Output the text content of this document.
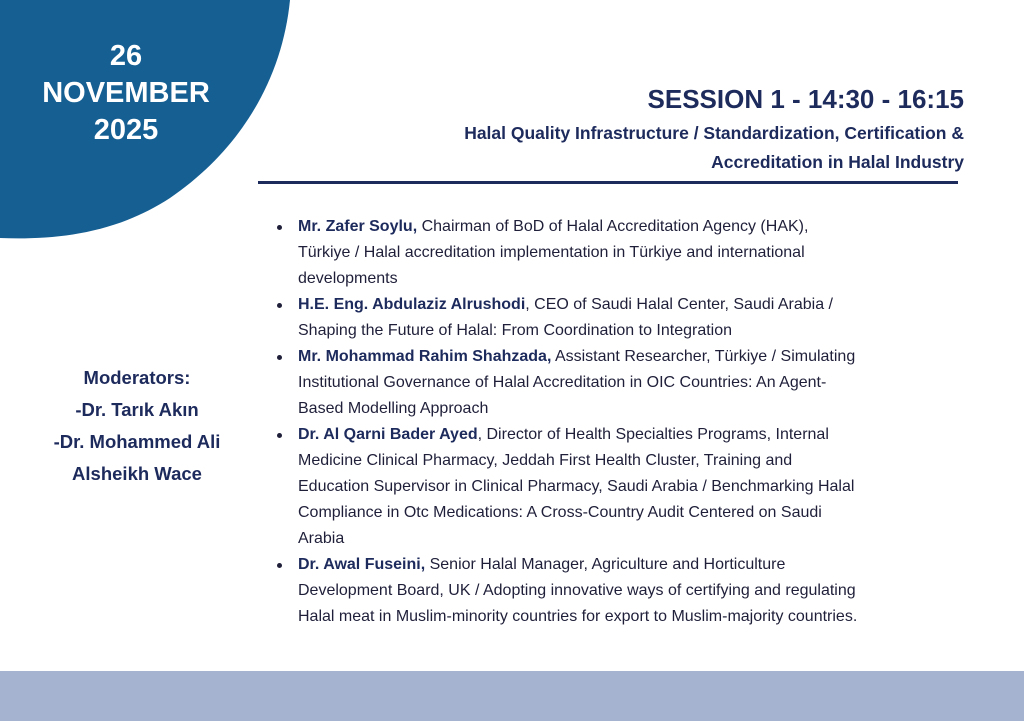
26
NOVEMBER
2025
SESSION 1 - 14:30 - 16:15
Halal Quality Infrastructure / Standardization, Certification &
Accreditation in Halal Industry
Moderators:
-Dr. Tarık Akın
-Dr. Mohammed Ali
Alsheikh Wace
Mr. Zafer Soylu, Chairman of BoD of Halal Accreditation Agency (HAK),
Türkiye / Halal accreditation implementation in Türkiye and international
developments
H.E. Eng. Abdulaziz Alrushodi, CEO of Saudi Halal Center, Saudi Arabia /
Shaping the Future of Halal: From Coordination to Integration
Mr. Mohammad Rahim Shahzada, Assistant Researcher, Türkiye / Simulating
Institutional Governance of Halal Accreditation in OIC Countries: An Agent-
Based Modelling Approach
Dr. Al Qarni Bader Ayed, Director of Health Specialties Programs, Internal
Medicine Clinical Pharmacy, Jeddah First Health Cluster, Training and
Education Supervisor in Clinical Pharmacy, Saudi Arabia / Benchmarking Halal
Compliance in Otc Medications: A Cross-Country Audit Centered on Saudi
Arabia
Dr. Awal Fuseini, Senior Halal Manager, Agriculture and Horticulture
Development Board, UK / Adopting innovative ways of certifying and regulating
Halal meat in Muslim-minority countries for export to Muslim-majority countries.
